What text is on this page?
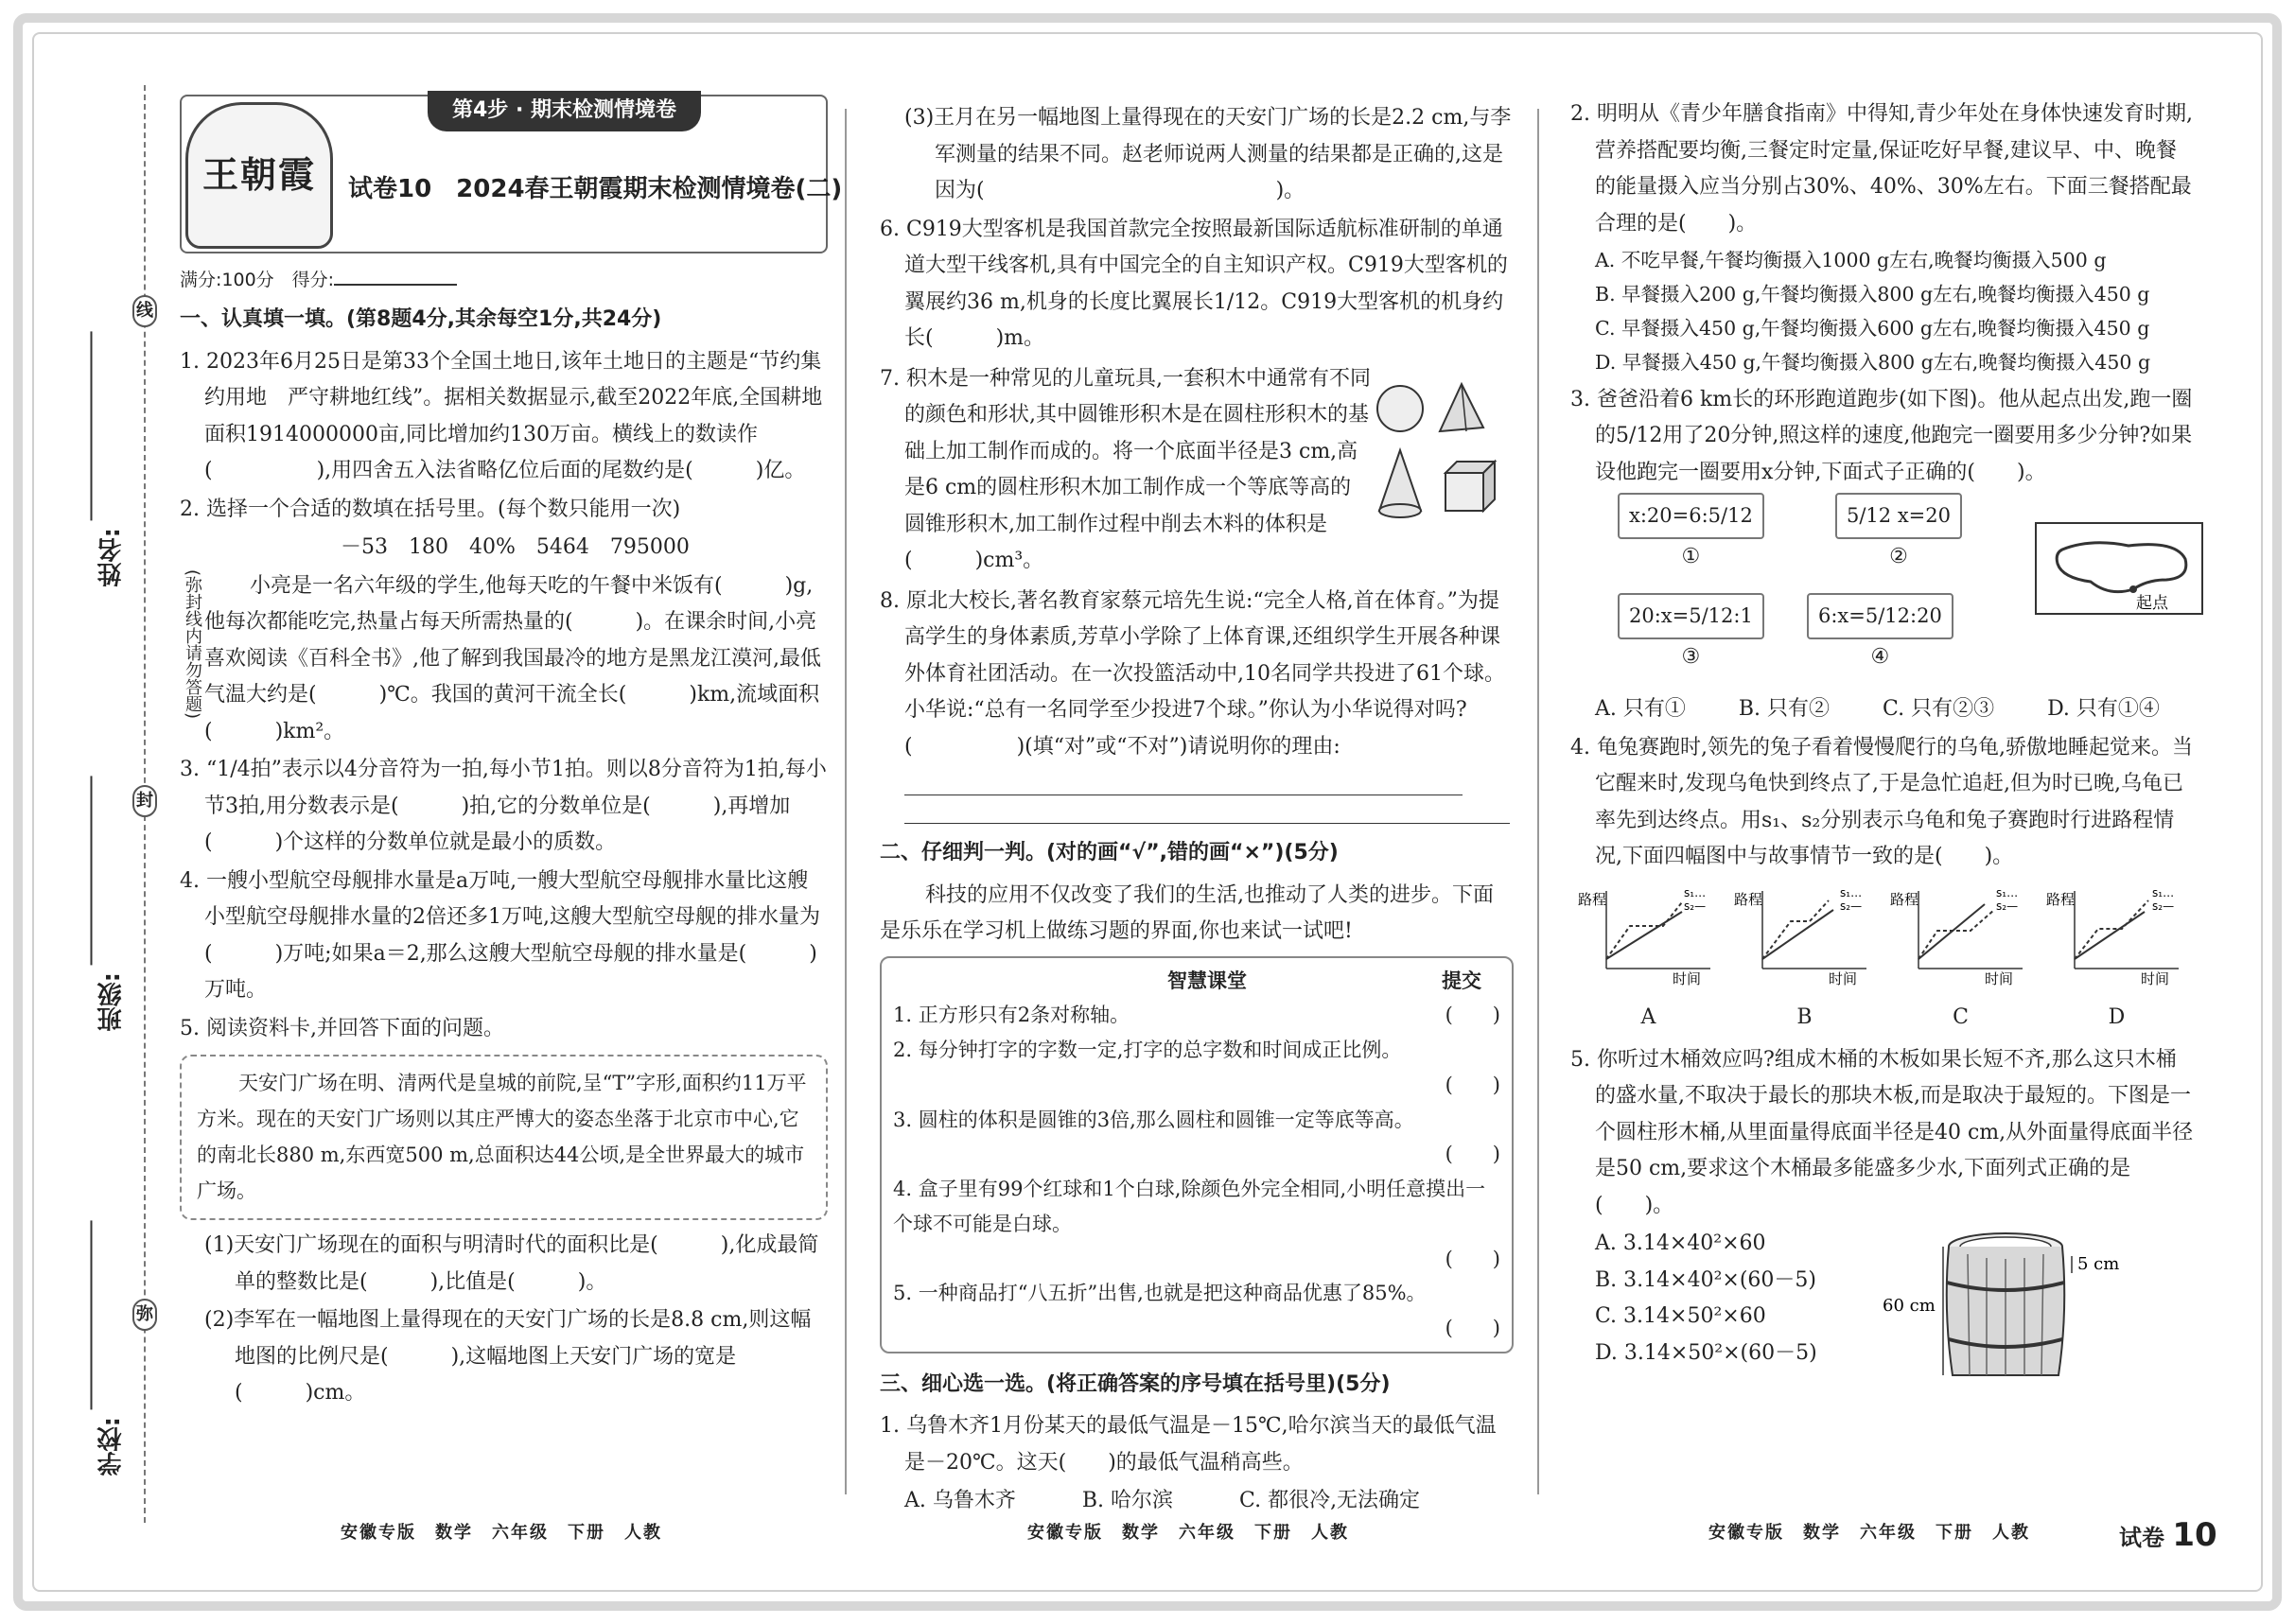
线
封
弥
(弥封线内请勿答题)
姓名:
班级:
学校:
王朝霞
第4步 · 期末检测情境卷
试卷10　2024春王朝霞期末检测情境卷(二)
满分:100分　得分:
一、认真填一填。(第8题4分,其余每空1分,共24分)

1. 2023年6月25日是第33个全国土地日,该年土地日的主题是“节约集约用地　严守耕地红线”。据相关数据显示,截至2022年底,全国耕地面积1914000000亩,同比增加约130万亩。横线上的数读作(　　　　　),用四舍五入法省略亿位后面的尾数约是(　　　)亿。

2. 选择一个合适的数填在括号里。(每个数只能用一次)

－53　180　40%　5464　795000

小亮是一名六年级的学生,他每天吃的午餐中米饭有(　　　)g,他每次都能吃完,热量占每天所需热量的(　　　)。在课余时间,小亮喜欢阅读《百科全书》,他了解到我国最冷的地方是黑龙江漠河,最低气温大约是(　　　)℃。我国的黄河干流全长(　　　)km,流域面积(　　　)km²。

3. “1/4拍”表示以4分音符为一拍,每小节1拍。则以8分音符为1拍,每小节3拍,用分数表示是(　　　)拍,它的分数单位是(　　　),再增加(　　　)个这样的分数单位就是最小的质数。

4. 一艘小型航空母舰排水量是a万吨,一艘大型航空母舰排水量比这艘小型航空母舰排水量的2倍还多1万吨,这艘大型航空母舰的排水量为(　　　)万吨;如果a＝2,那么这艘大型航空母舰的排水量是(　　　)万吨。

5. 阅读资料卡,并回答下面的问题。

天安门广场在明、清两代是皇城的前院,呈“T”字形,面积约11万平方米。现在的天安门广场则以其庄严博大的姿态坐落于北京市中心,它的南北长880 m,东西宽500 m,总面积达44公顷,是全世界最大的城市广场。

(1)天安门广场现在的面积与明清时代的面积比是(　　　),化成最简单的整数比是(　　　),比值是(　　　)。

(2)李军在一幅地图上量得现在的天安门广场的长是8.8 cm,则这幅地图的比例尺是(　　　),这幅地图上天安门广场的宽是(　　　)cm。

(3)王月在另一幅地图上量得现在的天安门广场的长是2.2 cm,与李军测量的结果不同。赵老师说两人测量的结果都是正确的,这是因为(　　　　　　　　　　　　　　)。

6. C919大型客机是我国首款完全按照最新国际适航标准研制的单通道大型干线客机,具有中国完全的自主知识产权。C919大型客机的翼展约36 m,机身的长度比翼展长1/12。C919大型客机的机身约长(　　　)m。

7. 积木是一种常见的儿童玩具,一套积木中通常有不同的颜色和形状,其中圆锥形积木是在圆柱形积木的基础上加工制作而成的。将一个底面半径是3 cm,高是6 cm的圆柱形积木加工制作成一个等底等高的圆锥形积木,加工制作过程中削去木料的体积是(　　　)cm³。

8. 原北大校长,著名教育家蔡元培先生说:“完全人格,首在体育。”为提高学生的身体素质,芳草小学除了上体育课,还组织学生开展各种课外体育社团活动。在一次投篮活动中,10名同学共投进了61个球。小华说:“总有一名同学至少投进7个球。”你认为小华说得对吗?(　　　　　)(填“对”或“不对”)请说明你的理由:

二、仔细判一判。(对的画“√”,错的画“×”)(5分)

科技的应用不仅改变了我们的生活,也推动了人类的进步。下面是乐乐在学习机上做练习题的界面,你也来试一试吧!

智慧课堂	提交
1. 正方形只有2条对称轴。	(　　)
2. 每分钟打字的字数一定,打字的总字数和时间成正比例。
(　　)
3. 圆柱的体积是圆锥的3倍,那么圆柱和圆锥一定等底等高。
(　　)
4. 盒子里有99个红球和1个白球,除颜色外完全相同,小明任意摸出一个球不可能是白球。
(　　)
5. 一种商品打“八五折”出售,也就是把这种商品优惠了85%。
(　　)
三、细心选一选。(将正确答案的序号填在括号里)(5分)

1. 乌鲁木齐1月份某天的最低气温是－15℃,哈尔滨当天的最低气温是－20℃。这天(　　)的最低气温稍高些。

A. 乌鲁木齐	B. 哈尔滨	C. 都很冷,无法确定

2. 明明从《青少年膳食指南》中得知,青少年处在身体快速发育时期,营养搭配要均衡,三餐定时定量,保证吃好早餐,建议早、中、晚餐的能量摄入应当分别占30%、40%、30%左右。下面三餐搭配最合理的是(　　)。

A. 不吃早餐,午餐均衡摄入1000 g左右,晚餐均衡摄入500 g
B. 早餐摄入200 g,午餐均衡摄入800 g左右,晚餐均衡摄入450 g
C. 早餐摄入450 g,午餐均衡摄入600 g左右,晚餐均衡摄入450 g
D. 早餐摄入450 g,午餐均衡摄入800 g左右,晚餐均衡摄入450 g

3. 爸爸沿着6 km长的环形跑道跑步(如下图)。他从起点出发,跑一圈的5/12用了20分钟,照这样的速度,他跑完一圈要用多少分钟?如果设他跑完一圈要用x分钟,下面式子正确的(　　)。

x:20=6:5/12
①
5/12 x=20
②
20:x=5/12:1
③
6:x=5/12:20
④
起点
A. 只有①	B. 只有②	C. 只有②③	D. 只有①④

4. 龟兔赛跑时,领先的兔子看着慢慢爬行的乌龟,骄傲地睡起觉来。当它醒来时,发现乌龟快到终点了,于是急忙追赶,但为时已晚,乌龟已率先到达终点。用s₁、s₂分别表示乌龟和兔子赛跑时行进路程情况,下面四幅图中与故事情节一致的是(　　)。

路程
时间
s₁…
s₂—
A
路程
时间
s₁…
s₂—
B
路程
时间
s₁…
s₂—
C
路程
时间
s₁…
s₂—
D

5. 你听过木桶效应吗?组成木桶的木板如果长短不齐,那么这只木桶的盛水量,不取决于最长的那块木板,而是取决于最短的。下图是一个圆柱形木桶,从里面量得底面半径是40 cm,从外面量得底面半径是50 cm,要求这个木桶最多能盛多少水,下面列式正确的是(　　)。

A. 3.14×40²×60
B. 3.14×40²×(60－5)
C. 3.14×50²×60
D. 3.14×50²×(60－5)
60 cm
5 cm
安徽专版　数学　六年级　下册　人教	安徽专版　数学　六年级　下册　人教	安徽专版　数学　六年级　下册　人教	试卷 10
